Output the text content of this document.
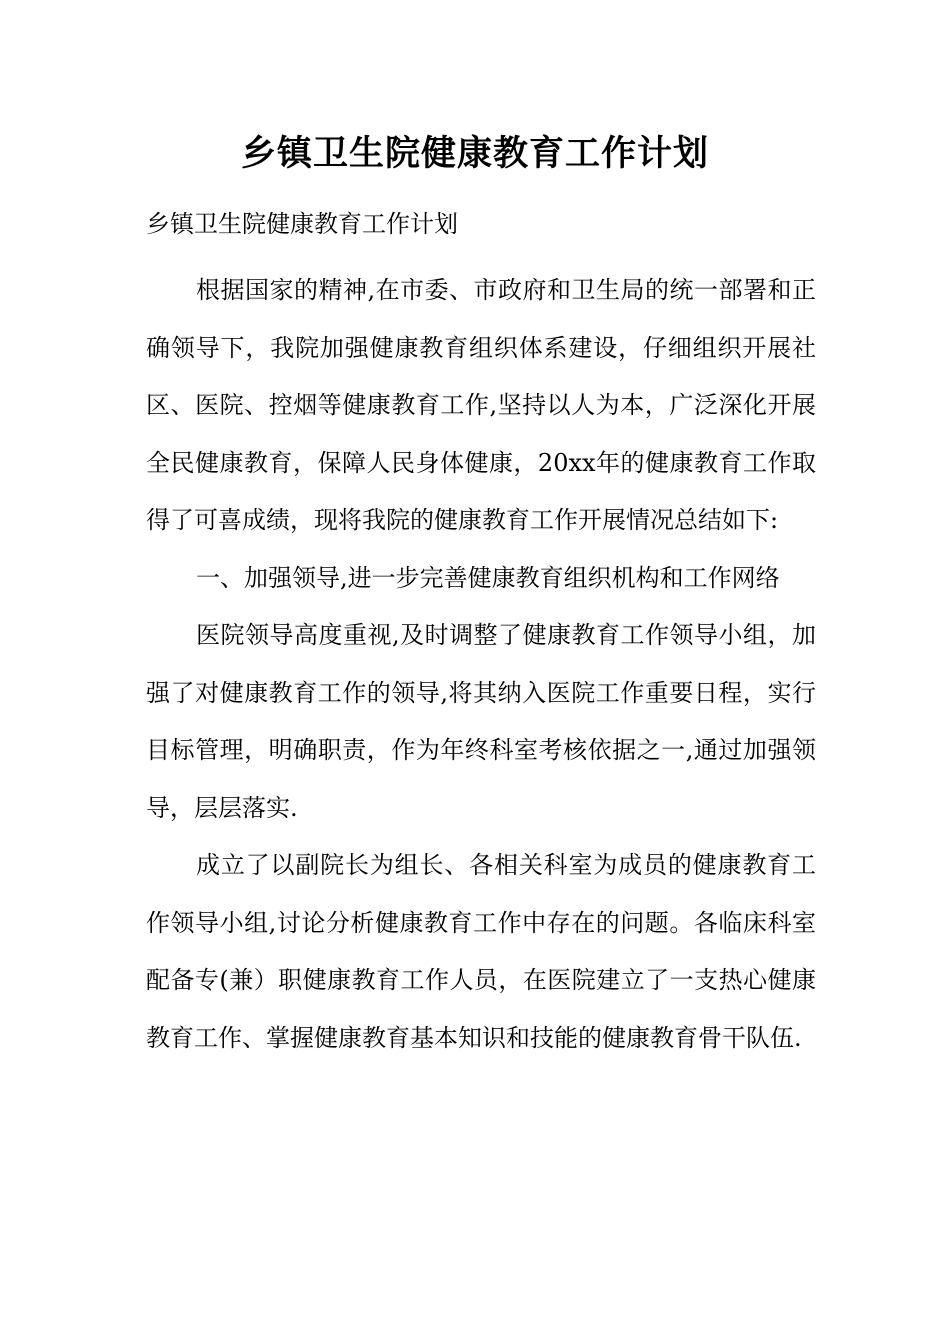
乡镇卫生院健康教育工作计划
乡镇卫生院健康教育工作计划

根据国家的精神,在市委、市政府和卫生局的统一部署和正确领导下，我院加强健康教育组织体系建设，仔细组织开展社区、医院、控烟等健康教育工作,坚持以人为本，广泛深化开展全民健康教育，保障人民身体健康，20xx年的健康教育工作取得了可喜成绩，现将我院的健康教育工作开展情况总结如下:

一、加强领导,进一步完善健康教育组织机构和工作网络

医院领导高度重视,及时调整了健康教育工作领导小组，加强了对健康教育工作的领导,将其纳入医院工作重要日程，实行目标管理，明确职责，作为年终科室考核依据之一,通过加强领导，层层落实.

成立了以副院长为组长、各相关科室为成员的健康教育工作领导小组,讨论分析健康教育工作中存在的问题。各临床科室配备专(兼）职健康教育工作人员，在医院建立了一支热心健康教育工作、掌握健康教育基本知识和技能的健康教育骨干队伍.
